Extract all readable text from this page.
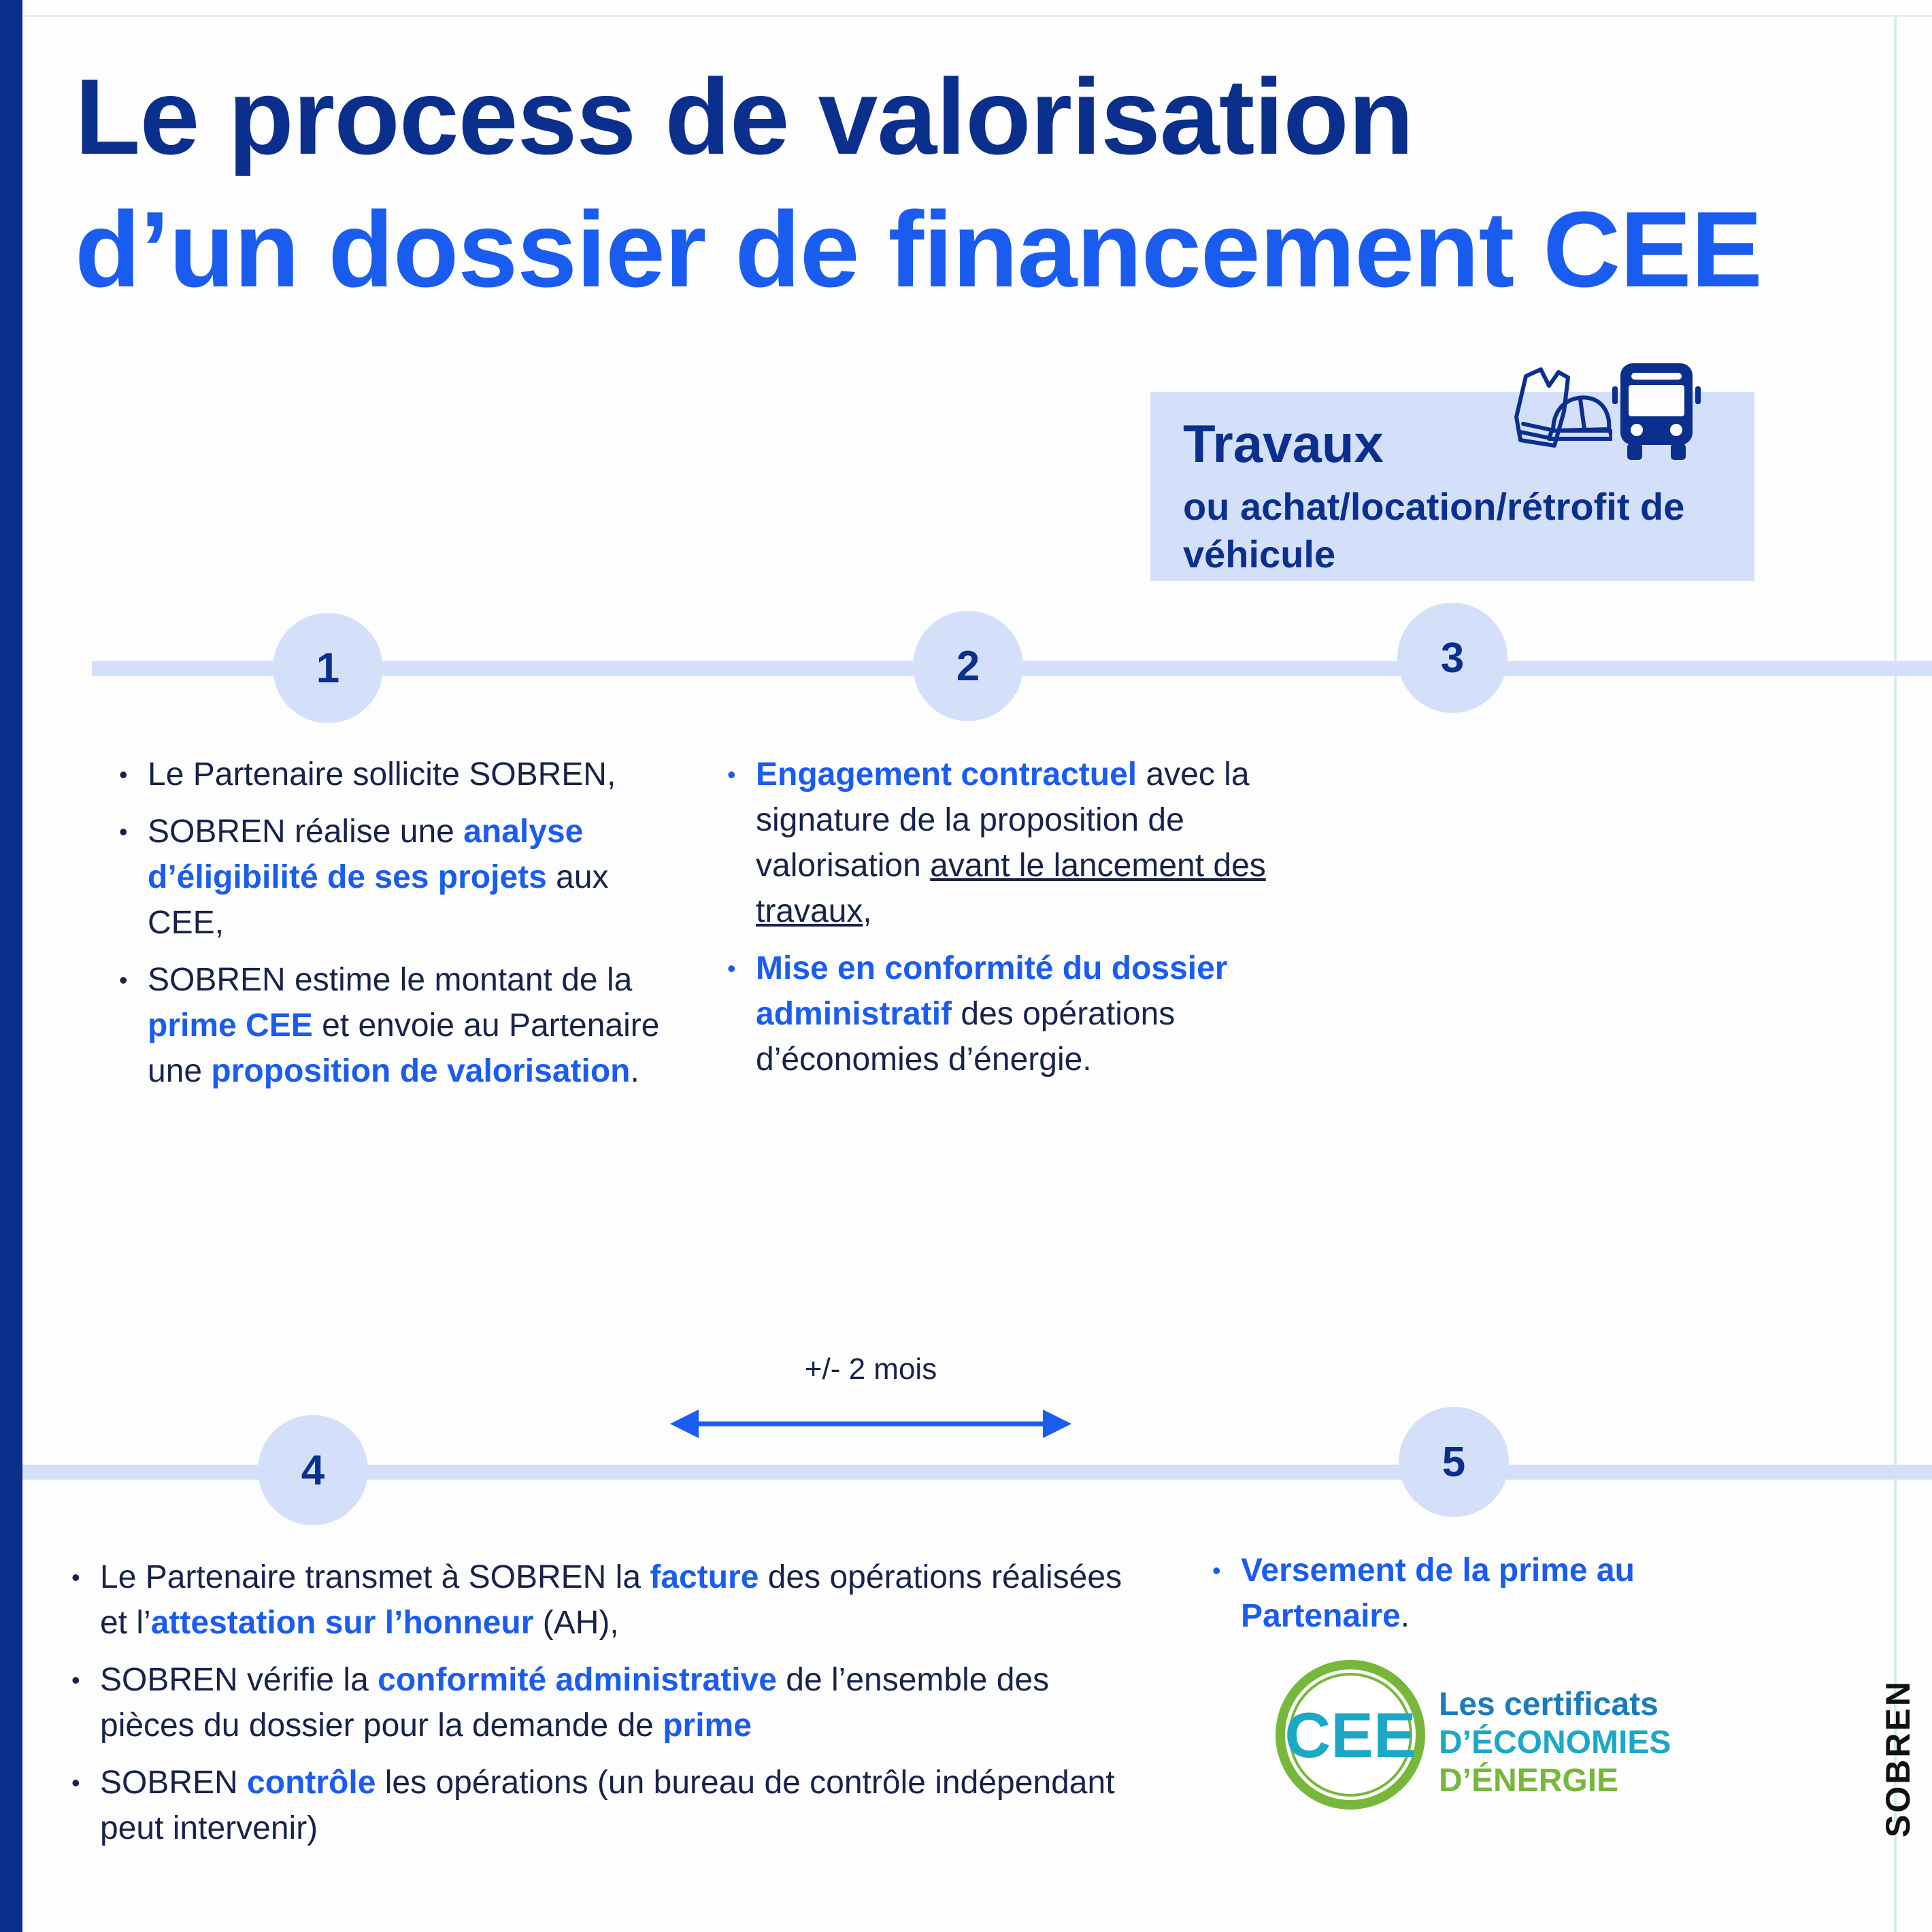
Le process de valorisation
d’un dossier de financement CEE
Travaux
ou achat/location/rétrofit de véhicule
1	2	3
• Le Partenaire sollicite SOBREN,
• SOBREN réalise une analyse d’éligibilité de ses projets aux CEE,
• SOBREN estime le montant de la prime CEE et envoie au Partenaire une proposition de valorisation.
• Engagement contractuel avec la signature de la proposition de valorisation avant le lancement des travaux,
• Mise en conformité du dossier administratif des opérations d’économies d’énergie.
+/- 2 mois
4	5
• Le Partenaire transmet à SOBREN la facture des opérations réalisées et l’attestation sur l’honneur (AH),
• SOBREN vérifie la conformité administrative de l’ensemble des pièces du dossier pour la demande de prime
• SOBREN contrôle les opérations (un bureau de contrôle indépendant peut intervenir)
• Versement de la prime au Partenaire.
CEE Les certificats
D’ÉCONOMIES
D’ÉNERGIE	SOBREN
